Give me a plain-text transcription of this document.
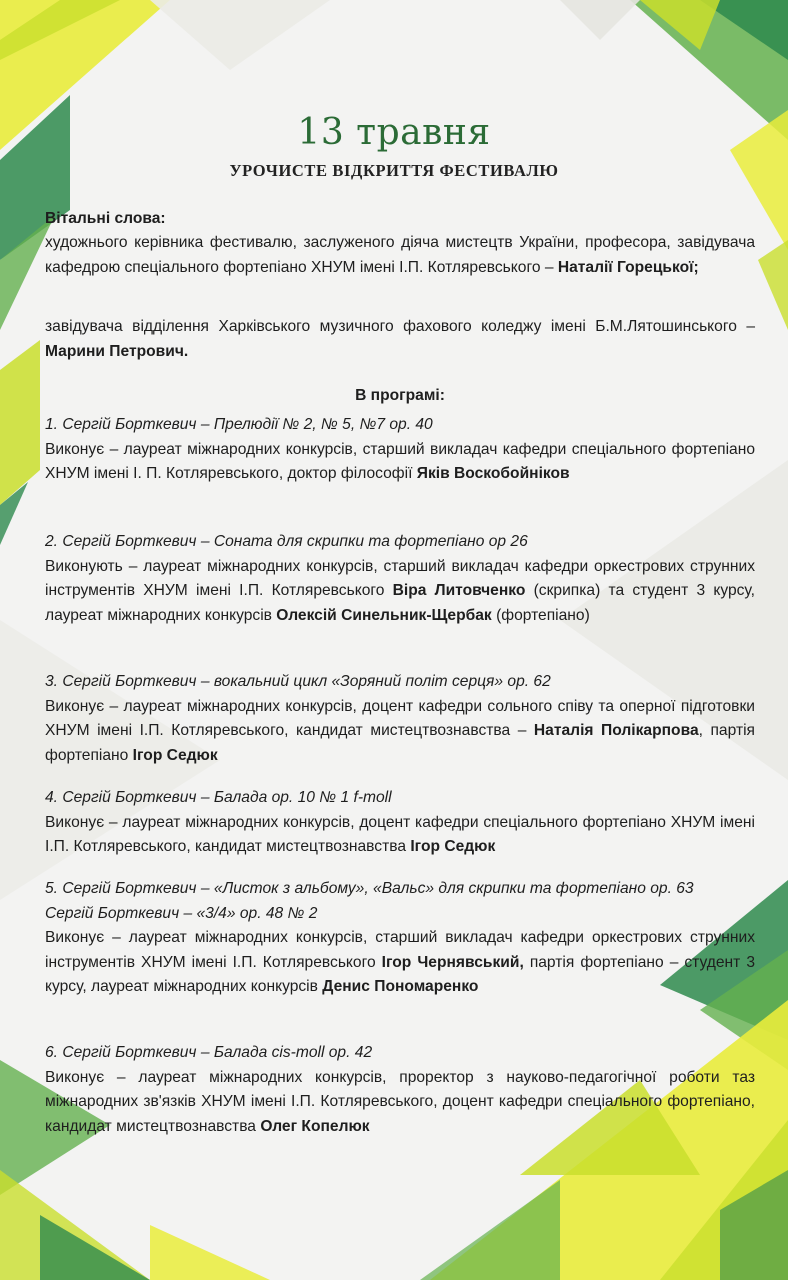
13 травня
УРОЧИСТЕ ВІДКРИТТЯ ФЕСТИВАЛЮ
Вітальні слова:
художнього керівника фестивалю, заслуженого діяча мистецтв України, професора, завідувача кафедрою спеціального фортепіано ХНУМ імені І.П. Котляревського – Наталії Горецької;
завідувача відділення Харківського музичного фахового коледжу імені Б.М.Лятошинського – Марини Петрович.
В програмі:
1. Сергій Борткевич – Прелюдії № 2, № 5, №7 ор. 40
Виконує – лауреат міжнародних конкурсів, старший викладач кафедри спеціального фортепіано ХНУМ імені І. П. Котляревського, доктор філософії Яків Воскобойніков
2. Сергій Борткевич – Соната для скрипки та фортепіано ор 26
Виконують – лауреат міжнародних конкурсів, старший викладач кафедри оркестрових струнних інструментів ХНУМ імені І.П. Котляревського Віра Литовченко (скрипка) та студент 3 курсу, лауреат міжнародних конкурсів Олексій Синельник-Щербак (фортепіано)
3. Сергій Борткевич – вокальний цикл «Зоряний політ серця» ор. 62
Виконує – лауреат міжнародних конкурсів, доцент кафедри сольного співу та оперної підготовки ХНУМ імені І.П. Котляревського, кандидат мистецтвознавства – Наталія Полікарпова, партія фортепіано Ігор Седюк
4. Сергій Борткевич – Балада ор. 10 № 1 f-moll
Виконує – лауреат міжнародних конкурсів, доцент кафедри спеціального фортепіано ХНУМ імені І.П. Котляревського, кандидат мистецтвознавства Ігор Седюк
5. Сергій Борткевич – «Листок з альбому», «Вальс» для скрипки та фортепіано ор. 63
Сергій Борткевич – «3/4» ор. 48 № 2
Виконує – лауреат міжнародних конкурсів, старший викладач кафедри оркестрових струнних інструментів ХНУМ імені І.П. Котляревського Ігор Чернявський, партія фортепіано – студент 3 курсу, лауреат міжнародних конкурсів Денис Пономаренко
6. Сергій Борткевич – Балада cis-moll ор. 42
Виконує – лауреат міжнародних конкурсів, проректор з науково-педагогічної роботи таз міжнародних зв'язків ХНУМ імені І.П. Котляревського, доцент кафедри спеціального фортепіано, кандидат мистецтвознавства Олег Копелюк
